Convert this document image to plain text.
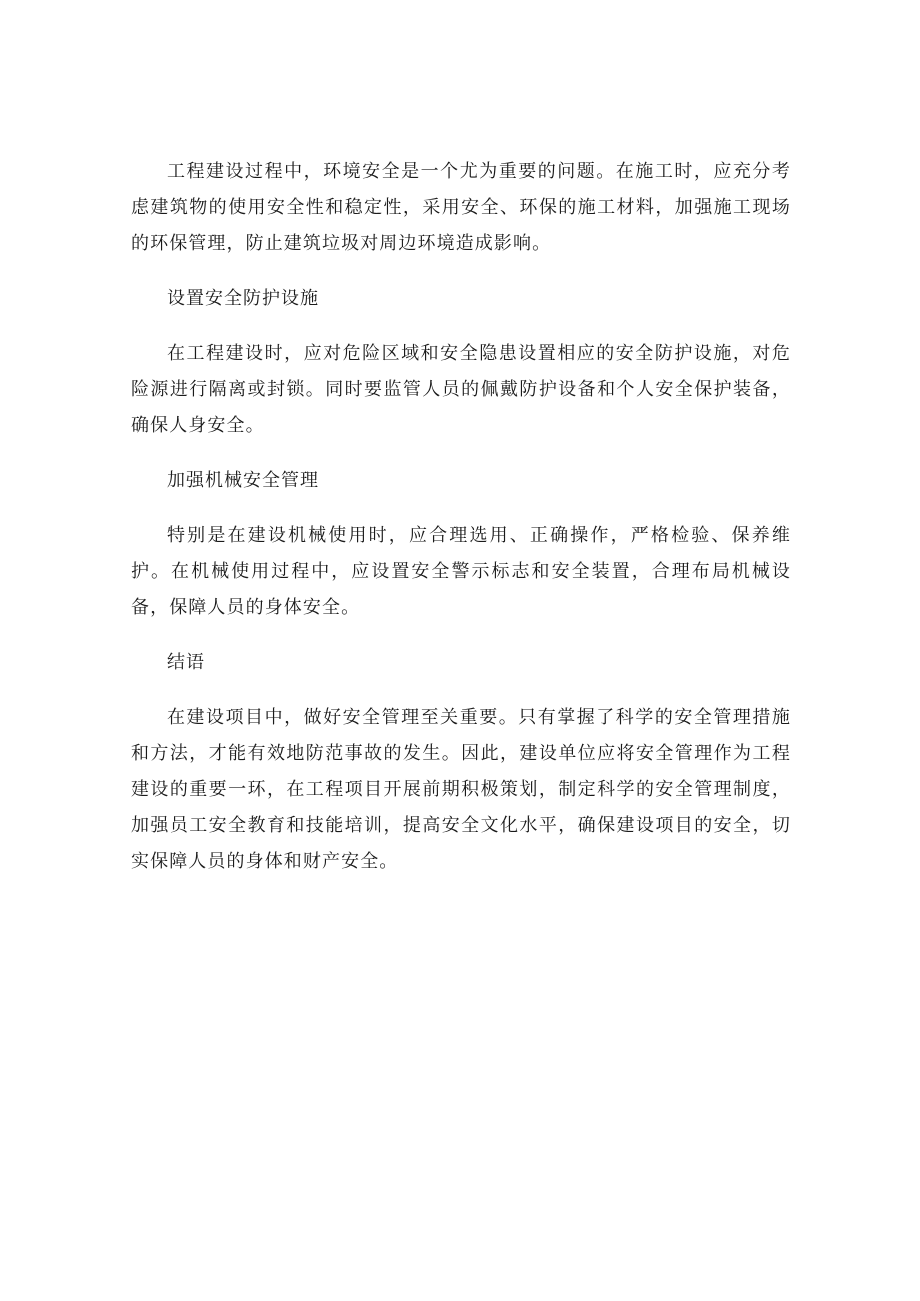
工程建设过程中，环境安全是一个尤为重要的问题。在施工时，应充分考虑建筑物的使用安全性和稳定性，采用安全、环保的施工材料，加强施工现场的环保管理，防止建筑垃圾对周边环境造成影响。

设置安全防护设施

在工程建设时，应对危险区域和安全隐患设置相应的安全防护设施，对危险源进行隔离或封锁。同时要监管人员的佩戴防护设备和个人安全保护装备，确保人身安全。

加强机械安全管理

特别是在建设机械使用时，应合理选用、正确操作，严格检验、保养维护。在机械使用过程中，应设置安全警示标志和安全装置，合理布局机械设备，保障人员的身体安全。

结语

在建设项目中，做好安全管理至关重要。只有掌握了科学的安全管理措施和方法，才能有效地防范事故的发生。因此，建设单位应将安全管理作为工程建设的重要一环，在工程项目开展前期积极策划，制定科学的安全管理制度，加强员工安全教育和技能培训，提高安全文化水平，确保建设项目的安全，切实保障人员的身体和财产安全。
